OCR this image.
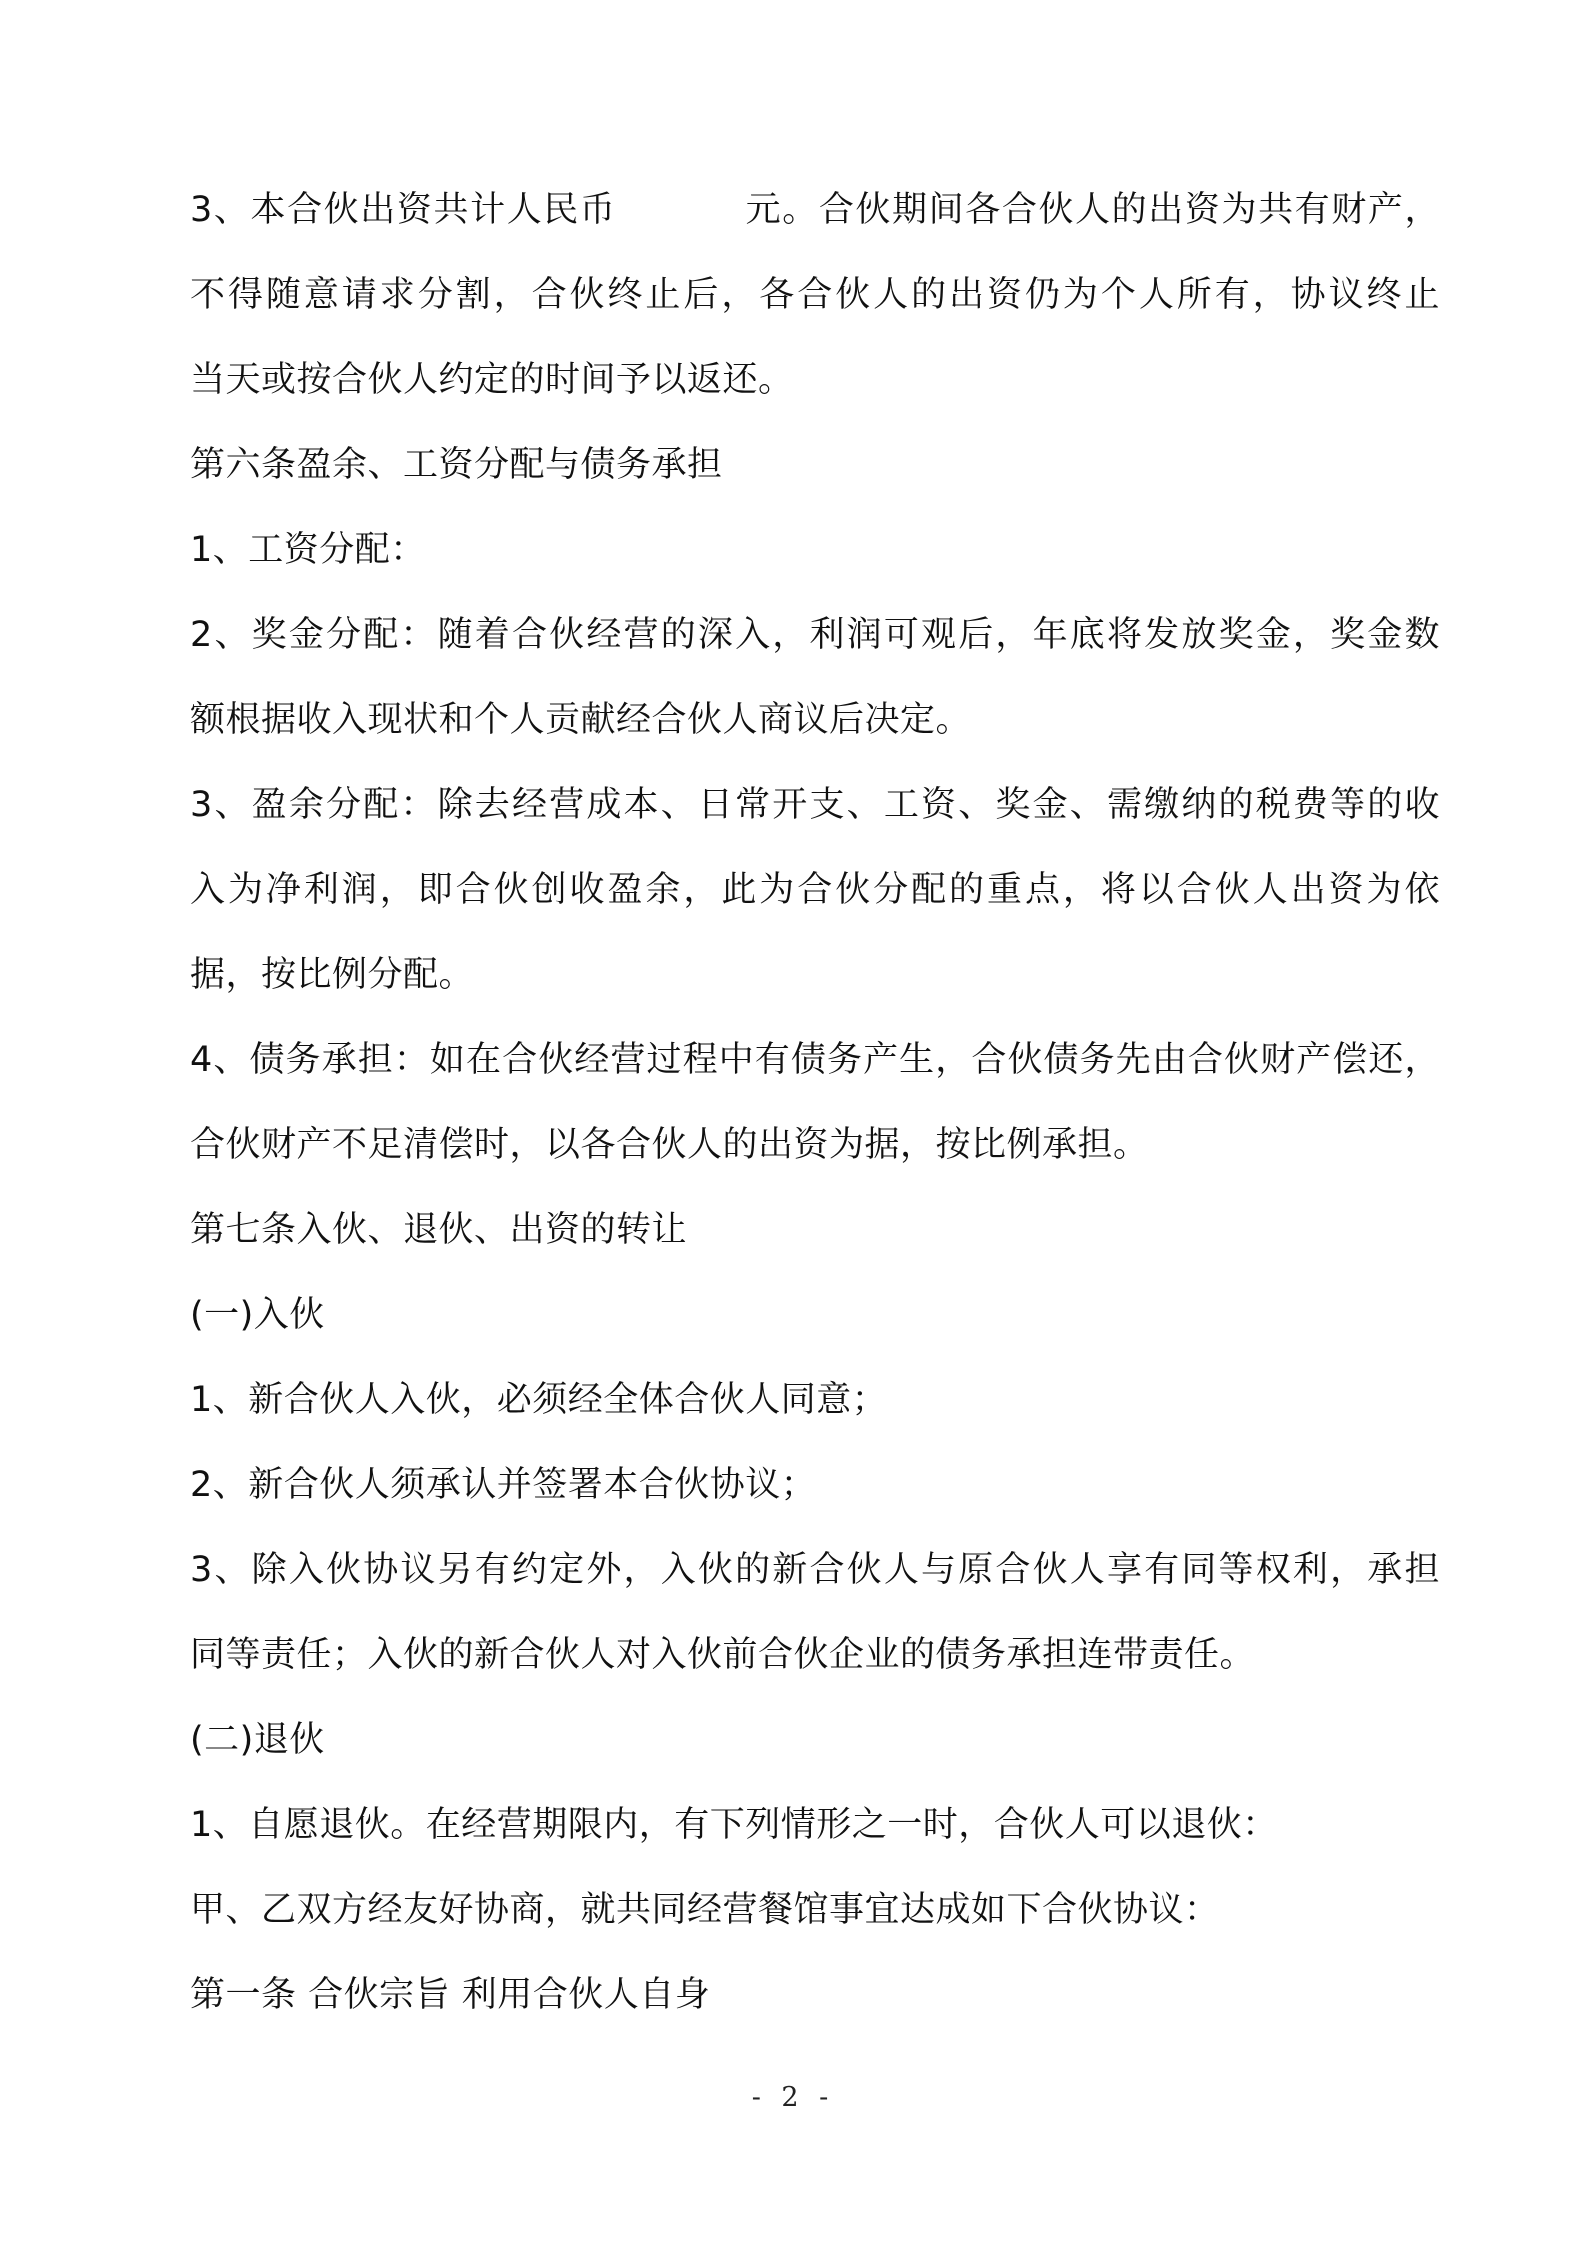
3、本合伙出资共计人民币	元。合伙期间各合伙人的出资为共有财产，
不得随意请求分割，合伙终止后，各合伙人的出资仍为个人所有，协议终止
当天或按合伙人约定的时间予以返还。
第六条盈余、工资分配与债务承担
1、工资分配：
2、奖金分配：随着合伙经营的深入，利润可观后，年底将发放奖金，奖金数
额根据收入现状和个人贡献经合伙人商议后决定。
3、盈余分配：除去经营成本、日常开支、工资、奖金、需缴纳的税费等的收
入为净利润，即合伙创收盈余，此为合伙分配的重点，将以合伙人出资为依
据，按比例分配。
4、债务承担：如在合伙经营过程中有债务产生，合伙债务先由合伙财产偿还，
合伙财产不足清偿时，以各合伙人的出资为据，按比例承担。
第七条入伙、退伙、出资的转让
(一)入伙
1、新合伙人入伙，必须经全体合伙人同意；
2、新合伙人须承认并签署本合伙协议；
3、除入伙协议另有约定外，入伙的新合伙人与原合伙人享有同等权利，承担
同等责任；入伙的新合伙人对入伙前合伙企业的债务承担连带责任。
(二)退伙
1、自愿退伙。在经营期限内，有下列情形之一时，合伙人可以退伙：
甲、乙双方经友好协商，就共同经营餐馆事宜达成如下合伙协议：
第一条 合伙宗旨 利用合伙人自身
- 2 -
